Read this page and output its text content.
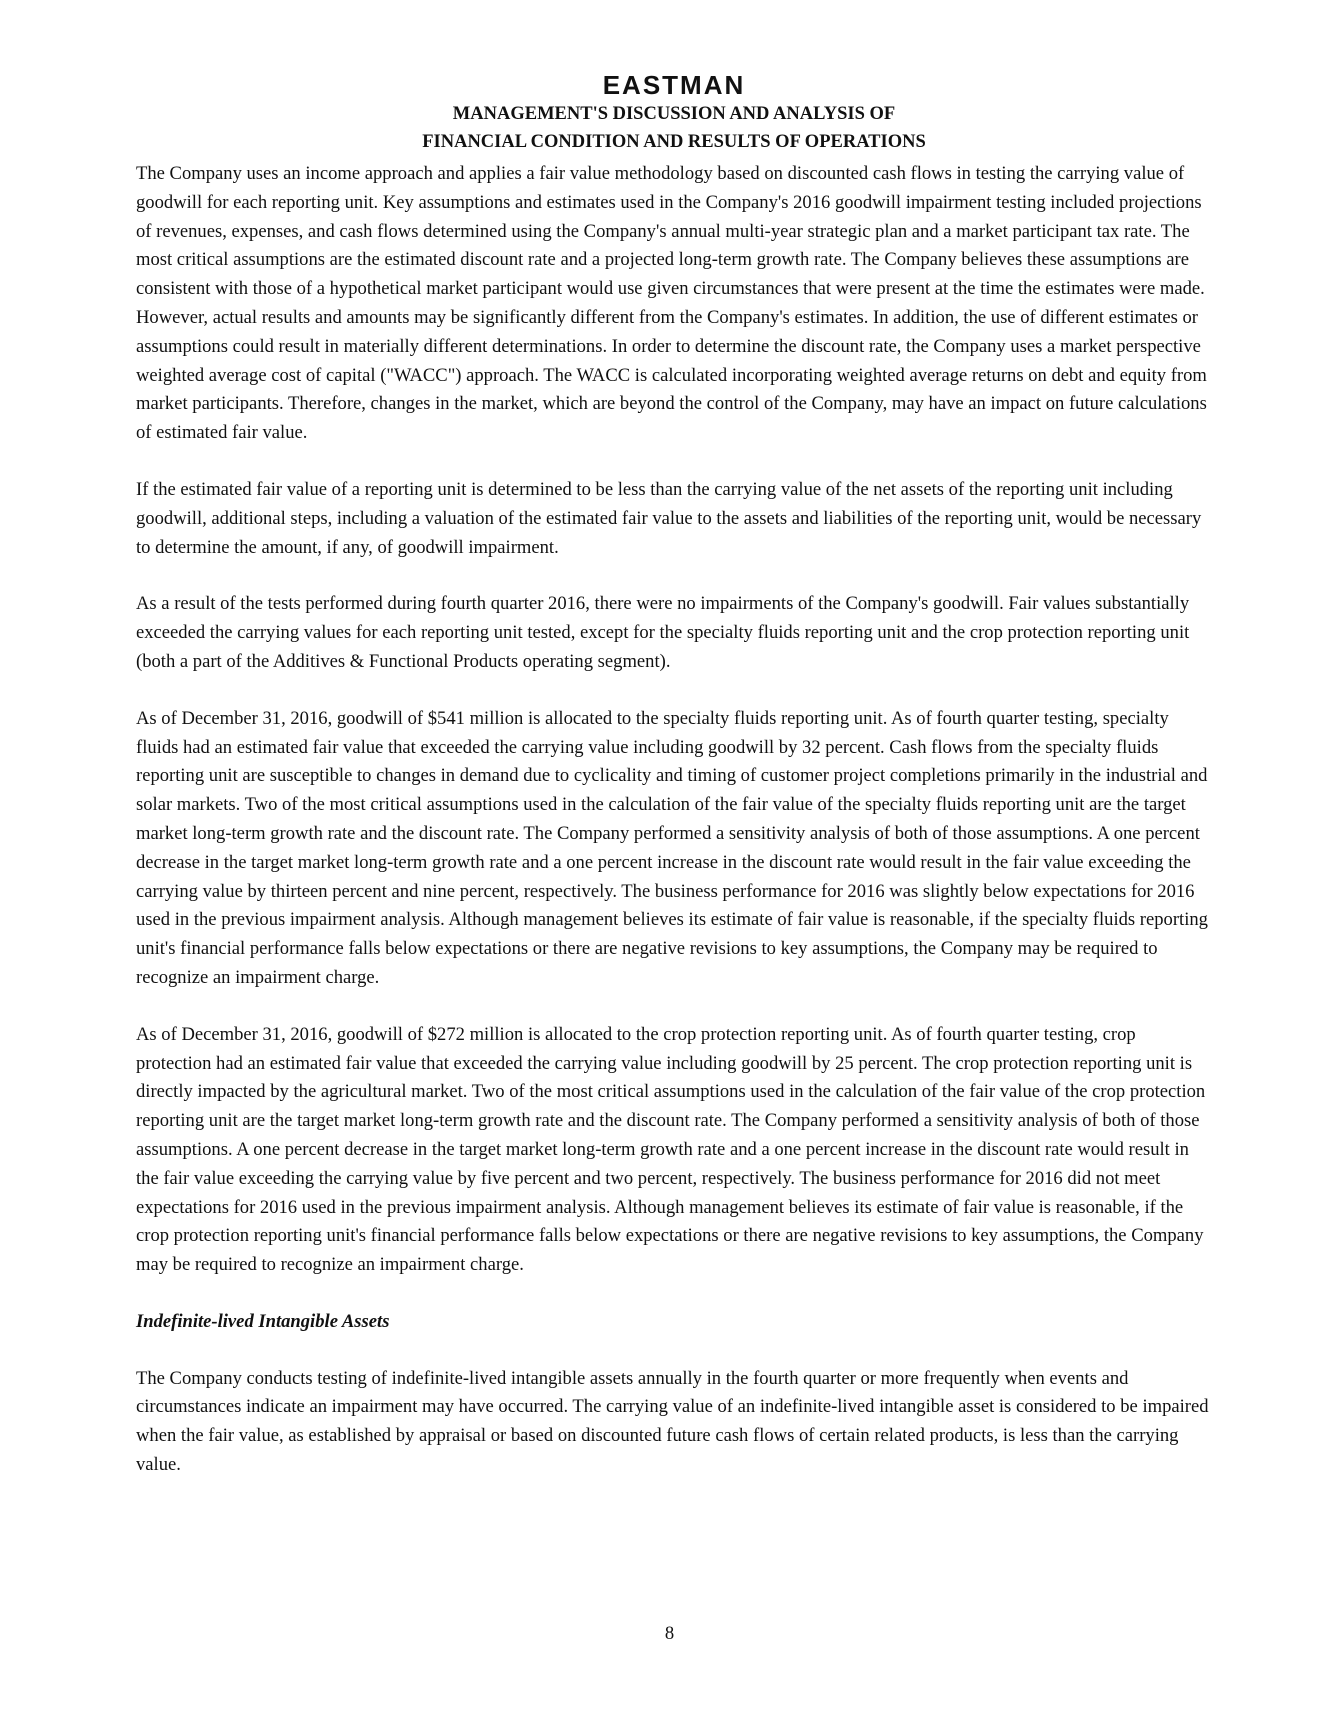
EASTMAN
MANAGEMENT'S DISCUSSION AND ANALYSIS OF
FINANCIAL CONDITION AND RESULTS OF OPERATIONS

The Company uses an income approach and applies a fair value methodology based on discounted cash flows in testing the carrying value of goodwill for each reporting unit. Key assumptions and estimates used in the Company's 2016 goodwill impairment testing included projections of revenues, expenses, and cash flows determined using the Company's annual multi-year strategic plan and a market participant tax rate. The most critical assumptions are the estimated discount rate and a projected long-term growth rate. The Company believes these assumptions are consistent with those of a hypothetical market participant would use given circumstances that were present at the time the estimates were made. However, actual results and amounts may be significantly different from the Company's estimates. In addition, the use of different estimates or assumptions could result in materially different determinations. In order to determine the discount rate, the Company uses a market perspective weighted average cost of capital ("WACC") approach. The WACC is calculated incorporating weighted average returns on debt and equity from market participants. Therefore, changes in the market, which are beyond the control of the Company, may have an impact on future calculations of estimated fair value.

If the estimated fair value of a reporting unit is determined to be less than the carrying value of the net assets of the reporting unit including goodwill, additional steps, including a valuation of the estimated fair value to the assets and liabilities of the reporting unit, would be necessary to determine the amount, if any, of goodwill impairment.

As a result of the tests performed during fourth quarter 2016, there were no impairments of the Company's goodwill. Fair values substantially exceeded the carrying values for each reporting unit tested, except for the specialty fluids reporting unit and the crop protection reporting unit (both a part of the Additives & Functional Products operating segment).

As of December 31, 2016, goodwill of $541 million is allocated to the specialty fluids reporting unit. As of fourth quarter testing, specialty fluids had an estimated fair value that exceeded the carrying value including goodwill by 32 percent. Cash flows from the specialty fluids reporting unit are susceptible to changes in demand due to cyclicality and timing of customer project completions primarily in the industrial and solar markets. Two of the most critical assumptions used in the calculation of the fair value of the specialty fluids reporting unit are the target market long-term growth rate and the discount rate. The Company performed a sensitivity analysis of both of those assumptions. A one percent decrease in the target market long-term growth rate and a one percent increase in the discount rate would result in the fair value exceeding the carrying value by thirteen percent and nine percent, respectively. The business performance for 2016 was slightly below expectations for 2016 used in the previous impairment analysis. Although management believes its estimate of fair value is reasonable, if the specialty fluids reporting unit's financial performance falls below expectations or there are negative revisions to key assumptions, the Company may be required to recognize an impairment charge.

As of December 31, 2016, goodwill of $272 million is allocated to the crop protection reporting unit. As of fourth quarter testing, crop protection had an estimated fair value that exceeded the carrying value including goodwill by 25 percent. The crop protection reporting unit is directly impacted by the agricultural market. Two of the most critical assumptions used in the calculation of the fair value of the crop protection reporting unit are the target market long-term growth rate and the discount rate. The Company performed a sensitivity analysis of both of those assumptions. A one percent decrease in the target market long-term growth rate and a one percent increase in the discount rate would result in the fair value exceeding the carrying value by five percent and two percent, respectively. The business performance for 2016 did not meet expectations for 2016 used in the previous impairment analysis. Although management believes its estimate of fair value is reasonable, if the crop protection reporting unit's financial performance falls below expectations or there are negative revisions to key assumptions, the Company may be required to recognize an impairment charge.

Indefinite-lived Intangible Assets

The Company conducts testing of indefinite-lived intangible assets annually in the fourth quarter or more frequently when events and circumstances indicate an impairment may have occurred. The carrying value of an indefinite-lived intangible asset is considered to be impaired when the fair value, as established by appraisal or based on discounted future cash flows of certain related products, is less than the carrying value.

8
